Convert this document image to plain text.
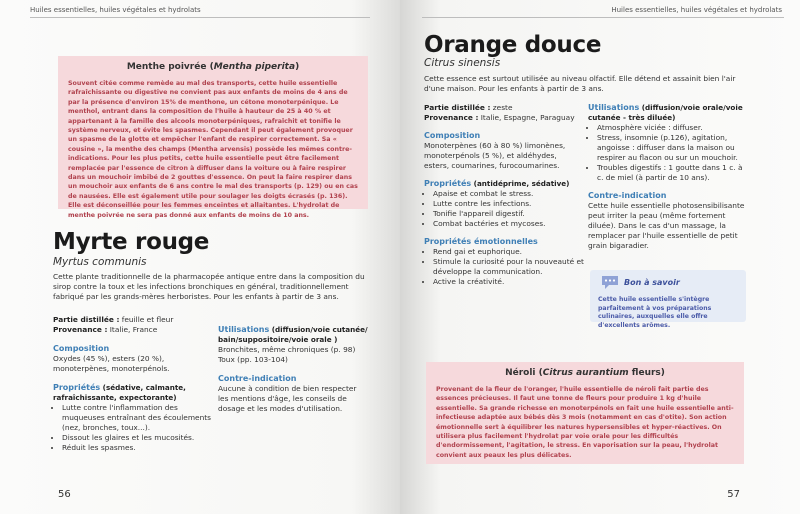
Huiles essentielles, huiles végétales et hydrolats
Menthe poivrée (Mentha piperita)
Souvent citée comme remède au mal des transports, cette huile essentielle rafraîchissante ou digestive ne convient pas aux enfants de moins de 4 ans de par la présence d'environ 15% de menthone, un cétone monoterpénique. Le menthol, entrant dans la composition de l'huile à hauteur de 25 à 40 % et appartenant à la famille des alcools monoterpéniques, rafraîchit et tonifie le système nerveux, et évite les spasmes. Cependant il peut également provoquer un spasme de la glotte et empêcher l'enfant de respirer correctement. Sa « cousine », la menthe des champs (Mentha arvensis) possède les mêmes contre-indications. Pour les plus petits, cette huile essentielle peut être facilement remplacée par l'essence de citron à diffuser dans la voiture ou à faire respirer dans un mouchoir imbibé de 2 gouttes d'essence. On peut la faire respirer dans un mouchoir aux enfants de 6 ans contre le mal des transports (p. 129) ou en cas de nausées. Elle est également utile pour soulager les doigts écrasés (p. 136). Elle est déconseillée pour les femmes enceintes et allaitantes. L'hydrolat de menthe poivrée ne sera pas donné aux enfants de moins de 10 ans.
Myrte rouge
Myrtus communis
Cette plante traditionnelle de la pharmacopée antique entre dans la composition du sirop contre la toux et les infections bronchiques en général, traditionnellement fabriqué par les grands-mères herboristes. Pour les enfants à partir de 3 ans.
Partie distillée : feuille et fleur
Provenance : Italie, France
Composition
Oxydes (45 %), esters (20 %), monoterpènes, monoterpénols.
Propriétés (sédative, calmante, rafraîchissante, expectorante)
• Lutte contre l'inflammation des muqueuses entraînant des écoulements (nez, bronches, toux...).
• Dissout les glaires et les mucosités.
• Réduit les spasmes.
Utilisations (diffusion/voie cutanée/ bain/suppositoire/voie orale )
Bronchites, même chroniques (p. 98)
Toux (pp. 103-104)
Contre-indication
Aucune à condition de bien respecter les mentions d'âge, les conseils de dosage et les modes d'utilisation.
56
Huiles essentielles, huiles végétales et hydrolats
Orange douce
Citrus sinensis
Cette essence est surtout utilisée au niveau olfactif. Elle détend et assainit bien l'air d'une maison. Pour les enfants à partir de 3 ans.
Partie distillée : zeste
Provenance : Italie, Espagne, Paraguay
Composition
Monoterpènes (60 à 80 %) limonènes, monoterpénols (5 %), et aldéhydes, esters, coumarines, furocoumarines.
Propriétés (antidéprime, sédative)
• Apaise et combat le stress.
• Lutte contre les infections.
• Tonifie l'appareil digestif.
• Combat bactéries et mycoses.
Propriétés émotionnelles
• Rend gai et euphorique.
• Stimule la curiosité pour la nouveauté et développe la communication.
• Active la créativité.
Utilisations (diffusion/voie orale/voie cutanée - très diluée)
• Atmosphère viciée : diffuser.
• Stress, insomnie (p.126), agitation, angoisse : diffuser dans la maison ou respirer au flacon ou sur un mouchoir.
• Troubles digestifs : 1 goutte dans 1 c. à c. de miel (à partir de 10 ans).
Contre-indication
Cette huile essentielle photosensibilisante peut irriter la peau (même fortement diluée). Dans le cas d'un massage, la remplacer par l'huile essentielle de petit grain bigaradier.
Bon à savoir
Cette huile essentielle s'intègre parfaitement à vos préparations culinaires, auxquelles elle offre d'excellents arômes.
Néroli (Citrus aurantium fleurs)
Provenant de la fleur de l'oranger, l'huile essentielle de néroli fait partie des essences précieuses. Il faut une tonne de fleurs pour produire 1 kg d'huile essentielle. Sa grande richesse en monoterpénols en fait une huile essentielle anti-infectieuse adaptée aux bébés dès 3 mois (notamment en cas d'otite). Son action émotionnelle sert à équilibrer les natures hypersensibles et hyper-réactives. On utilisera plus facilement l'hydrolat par voie orale pour les difficultés d'endormissement, l'agitation, le stress. En vaporisation sur la peau, l'hydrolat convient aux peaux les plus délicates.
57
